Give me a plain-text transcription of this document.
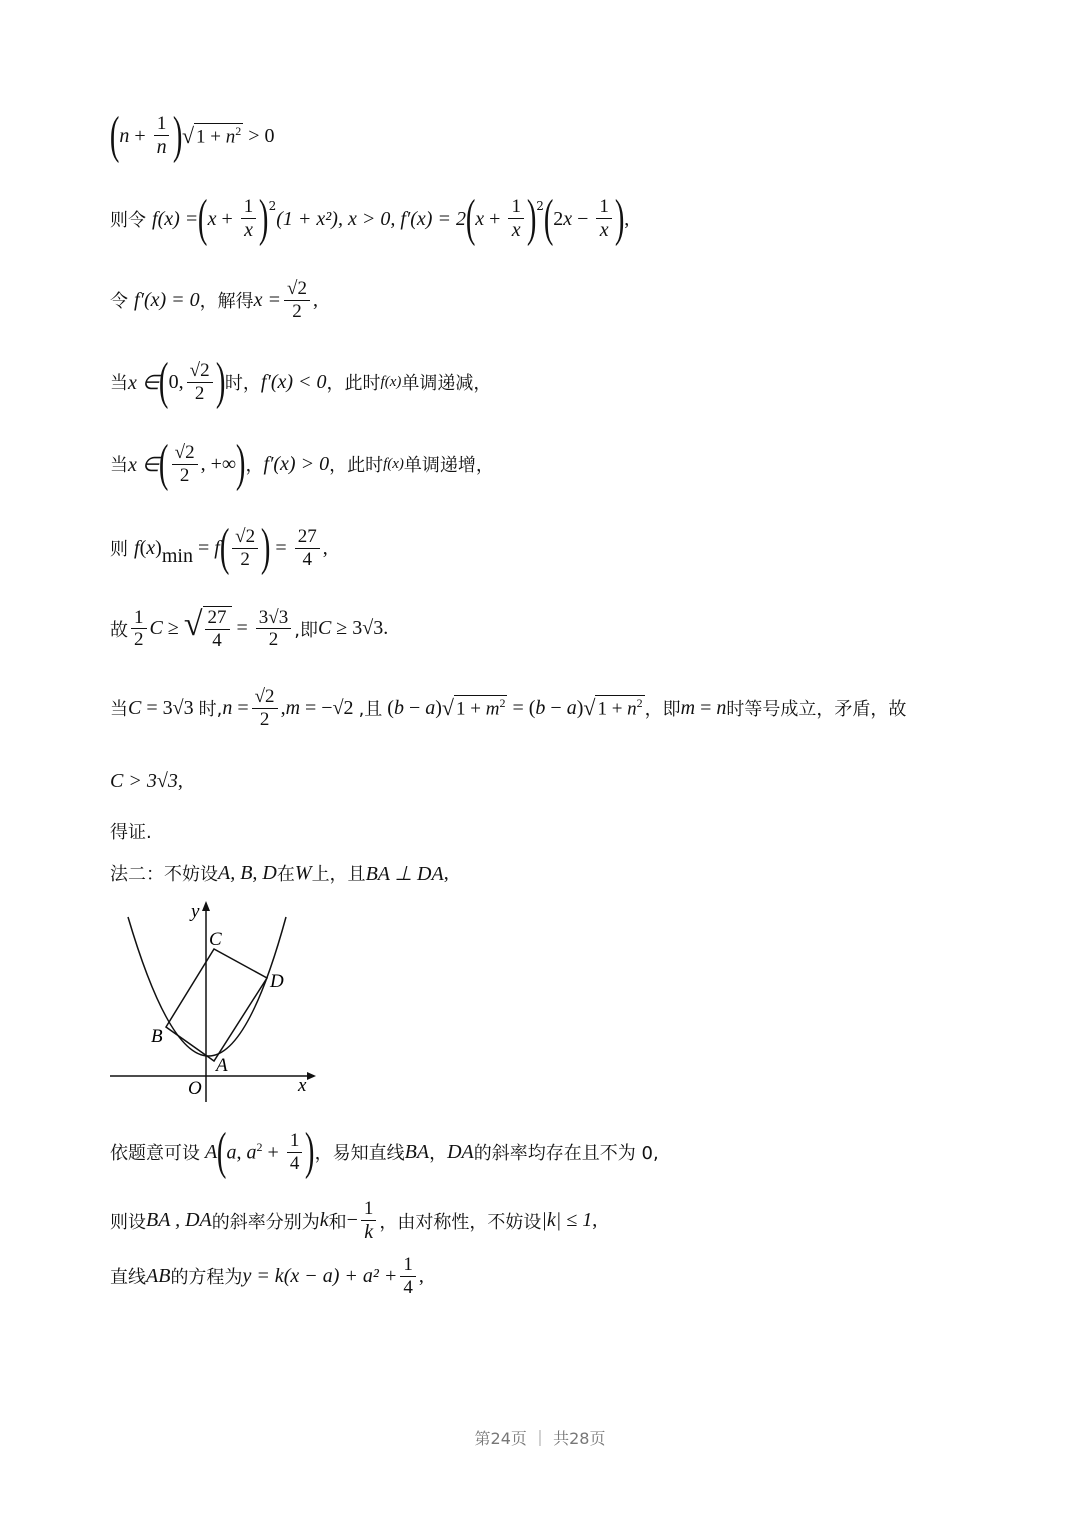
( $n + \frac{1}{n}$ ) √ $1 + n^2 > 0$
则令
f(x) = ( $x + \frac{1}{x} )^2$
(1 + x²), x > 0, f′(x) = 2 ( $x + \frac{1}{x} )^2$ ( $2x - \frac{1}{x}$ ) ,
令
f′(x) = 0 ，解得 $x = \frac{√2}{2}$ ,
当 x ∈ ( 0, $\frac{√2}{2}$ ) 时， f′(x) < 0 ，此时 f(x) 单调递减，
当 x ∈ ( $\frac{√2}{2}$ , +∞ ) ， f′(x) > 0 ，此时 f(x) 单调递增，
则
f (x) min = f ( $\frac{√2}{2}$ ) = $\frac{27}{4}$ ,
故 $\frac{1}{2}$ C ≥ √ $\frac{27}{4} = \frac{3√3}{2}$ ,即 C ≥ 3√3 .
当 C = 3√3 时, $n = \frac{√2}{2}$ , m = −√2 ,且 (b − a) √ $1 + m^2 = (b - a)$ √ $1 + n^2$ ，即 m = n 时等号成立，矛盾，故
C > 3√3 ,
得证.
法二：不妨设 A, B, D 在 W 上，且 BA ⊥ DA ,
y
x
O
A
B
C
D
依题意可设 A ( a, $a^2 + \frac{1}{4}$ ) ，易知直线 BA ， DA 的斜率均存在且不为 0,
则设 BA , DA 的斜率分别为 k 和 − $\frac{1}{k}$ ，由对称性，不妨设 |k| ≤ 1 ,
直线 AB 的方程为 $y = k(x - a) + a^2 + \frac{1}{4}$ ,
第24页 ｜ 共28页
